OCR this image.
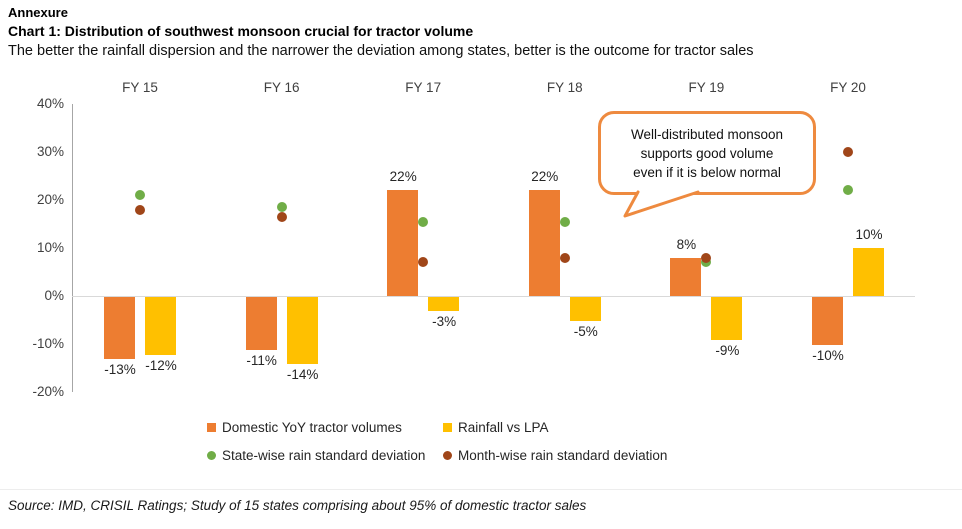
Annexure
Chart 1: Distribution of southwest monsoon crucial for tractor volume
The better the rainfall dispersion and the narrower the deviation among states, better is the outcome for tractor sales
40%
30%
20%
10%
0%
-10%
-20%
FY 15
-13% -12%
FY 16
-11%
-14%
FY 17
22%
-3%
FY 18
22%
-5%
FY 19
8%
-9%
FY 20
-10%
10%
Well-distributed monsoon
supports good volume
even if it is below normal
Domestic YoY tractor volumes	Rainfall vs LPA
State-wise rain standard deviation Month-wise rain standard deviation
Source: IMD, CRISIL Ratings; Study of 15 states comprising about 95% of domestic tractor sales
